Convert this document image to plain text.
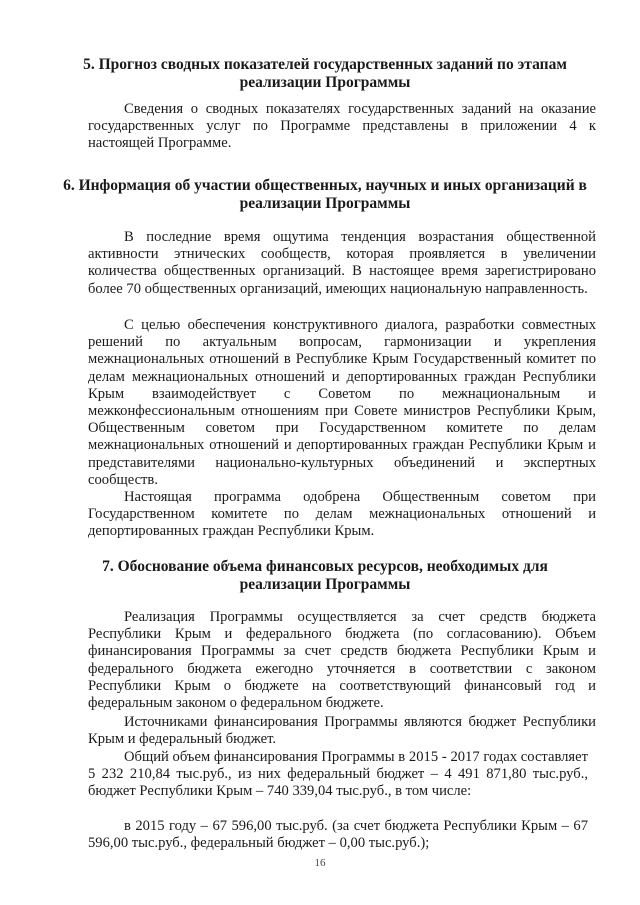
5. Прогноз сводных показателей государственных заданий по этапам реализации Программы
Сведения о сводных показателях государственных заданий на оказание государственных услуг по Программе представлены в приложении 4 к настоящей Программе.
6. Информация об участии общественных, научных и иных организаций в реализации Программы
В последние время ощутима тенденция возрастания общественной активности этнических сообществ, которая проявляется в увеличении количества общественных организаций. В настоящее время зарегистрировано более 70 общественных организаций, имеющих национальную направленность.
С целью обеспечения конструктивного диалога, разработки совместных решений по актуальным вопросам, гармонизации и укрепления межнациональных отношений в Республике Крым Государственный комитет по делам межнациональных отношений и депортированных граждан Республики Крым взаимодействует с Советом по межнациональным и межконфессиональным отношениям при Совете министров Республики Крым, Общественным советом при Государственном комитете по делам межнациональных отношений и депортированных граждан Республики Крым и представителями национально-культурных объединений и экспертных сообществ.
Настоящая программа одобрена Общественным советом при Государственном комитете по делам межнациональных отношений и депортированных граждан Республики Крым.
7. Обоснование объема финансовых ресурсов, необходимых для реализации Программы
Реализация Программы осуществляется за счет средств бюджета Республики Крым и федерального бюджета (по согласованию). Объем финансирования Программы за счет средств бюджета Республики Крым и федерального бюджета ежегодно уточняется в соответствии с законом Республики Крым о бюджете на соответствующий финансовый год и федеральным законом о федеральном бюджете.
Источниками финансирования Программы являются бюджет Республики Крым и федеральный бюджет.
Общий объем финансирования Программы в 2015 - 2017 годах составляет 5 232 210,84 тыс.руб., из них федеральный бюджет – 4 491 871,80 тыс.руб., бюджет Республики Крым – 740 339,04 тыс.руб., в том числе:
в 2015 году – 67 596,00 тыс.руб. (за счет бюджета Республики Крым – 67 596,00 тыс.руб., федеральный бюджет – 0,00 тыс.руб.);
16
